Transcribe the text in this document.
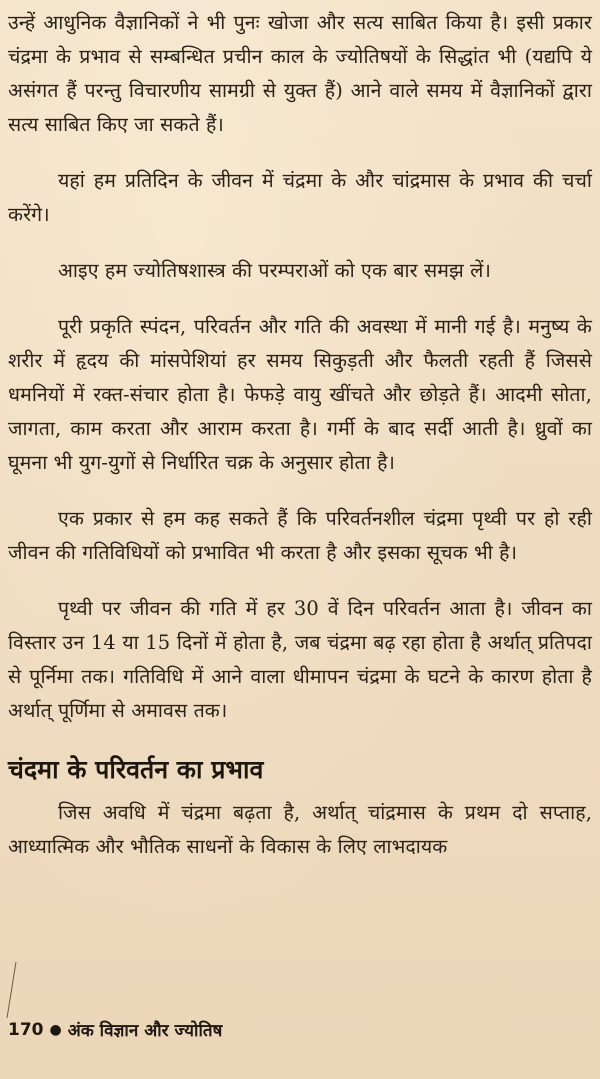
उन्हें आधुनिक वैज्ञानिकों ने भी पुनः खोजा और सत्य साबित किया है। इसी प्रकार चंद्रमा के प्रभाव से सम्बन्धित प्रचीन काल के ज्योतिषयों के सिद्धांत भी (यद्यपि ये असंगत हैं परन्तु विचारणीय सामग्री से युक्त हैं) आने वाले समय में वैज्ञानिकों द्वारा सत्य साबित किए जा सकते हैं।

यहां हम प्रतिदिन के जीवन में चंद्रमा के और चांद्रमास के प्रभाव की चर्चा करेंगे।

आइए हम ज्योतिषशास्त्र की परम्पराओं को एक बार समझ लें।

पूरी प्रकृति स्पंदन, परिवर्तन और गति की अवस्था में मानी गई है। मनुष्य के शरीर में हृदय की मांसपेशियां हर समय सिकुड़ती और फैलती रहती हैं जिससे धमनियों में रक्त-संचार होता है। फेफड़े वायु खींचते और छोड़ते हैं। आदमी सोता, जागता, काम करता और आराम करता है। गर्मी के बाद सर्दी आती है। ध्रुवों का घूमना भी युग-युगों से निर्धारित चक्र के अनुसार होता है।

एक प्रकार से हम कह सकते हैं कि परिवर्तनशील चंद्रमा पृथ्वी पर हो रही जीवन की गतिविधियों को प्रभावित भी करता है और इसका सूचक भी है।

पृथ्वी पर जीवन की गति में हर 30 वें दिन परिवर्तन आता है। जीवन का विस्तार उन 14 या 15 दिनों में होता है, जब चंद्रमा बढ़ रहा होता है अर्थात् प्रतिपदा से पूर्निमा तक। गतिविधि में आने वाला धीमापन चंद्रमा के घटने के कारण होता है अर्थात् पूर्णिमा से अमावस तक।

चंदमा के परिवर्तन का प्रभाव

जिस अवधि में चंद्रमा बढ़ता है, अर्थात् चांद्रमास के प्रथम दो सप्ताह, आध्यात्मिक और भौतिक साधनों के विकास के लिए लाभदायक

170 ● अंक विज्ञान और ज्योतिष
